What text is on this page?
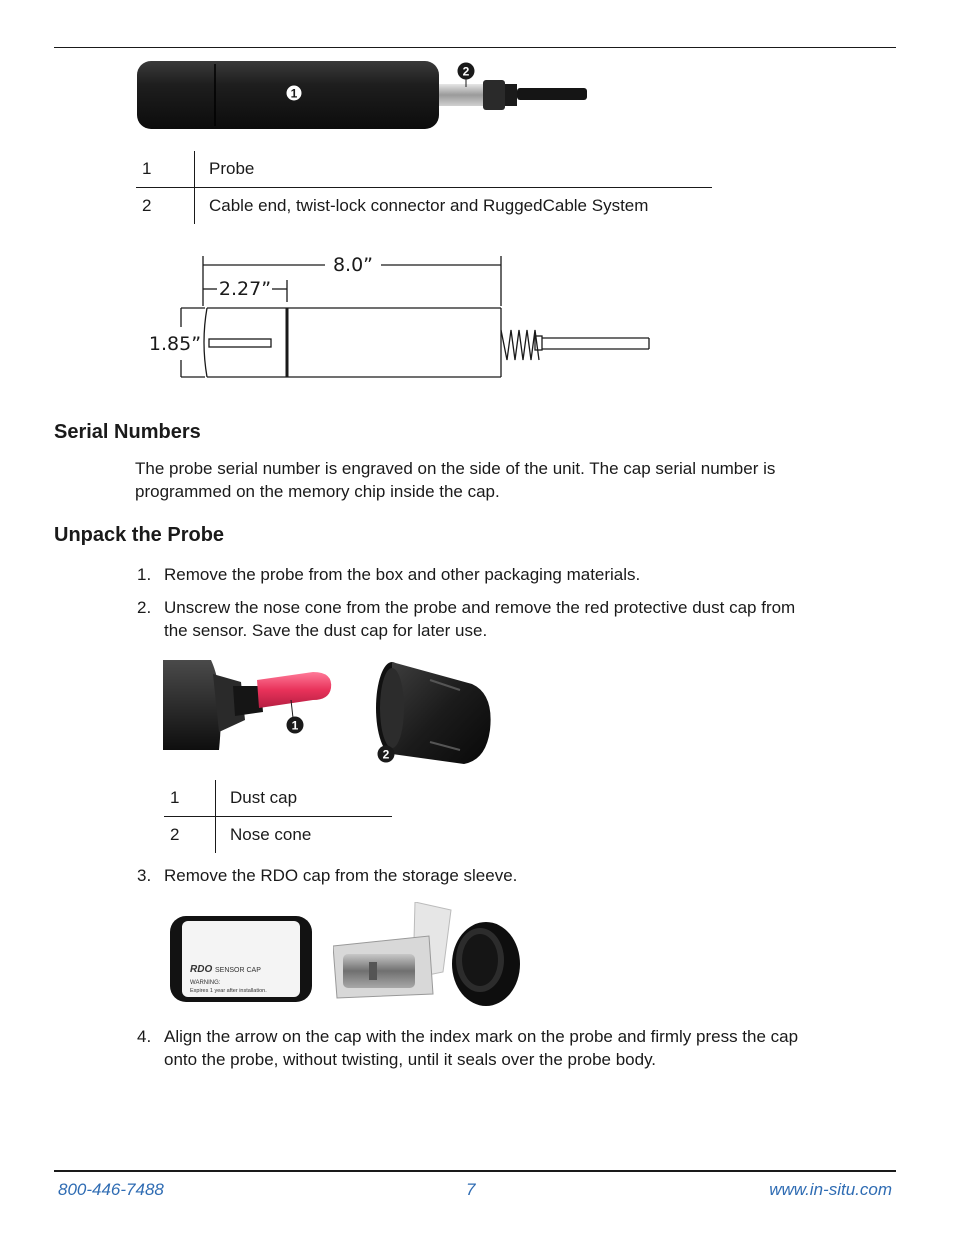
1
2
1	Probe
2	Cable end, twist-lock connector and RuggedCable System
8.0”
2.27”
1.85”
Serial Numbers
The probe serial number is engraved on the side of the unit. The cap serial number is
programmed on the memory chip inside the cap.
Unpack the Probe
1. Remove the probe from the box and other packaging materials.
2. Unscrew the nose cone from the probe and remove the red protective dust cap from
the sensor. Save the dust cap for later use.
1
2
1	Dust cap
2	Nose cone
3. Remove the RDO cap from the storage sleeve.
RDO SENSOR CAP
WARNING:
Expires 1 year after installation.
4. Align the arrow on the cap with the index mark on the probe and firmly press the cap
onto the probe, without twisting, until it seals over the probe body.
800-446-7488	7	www.in-situ.com
